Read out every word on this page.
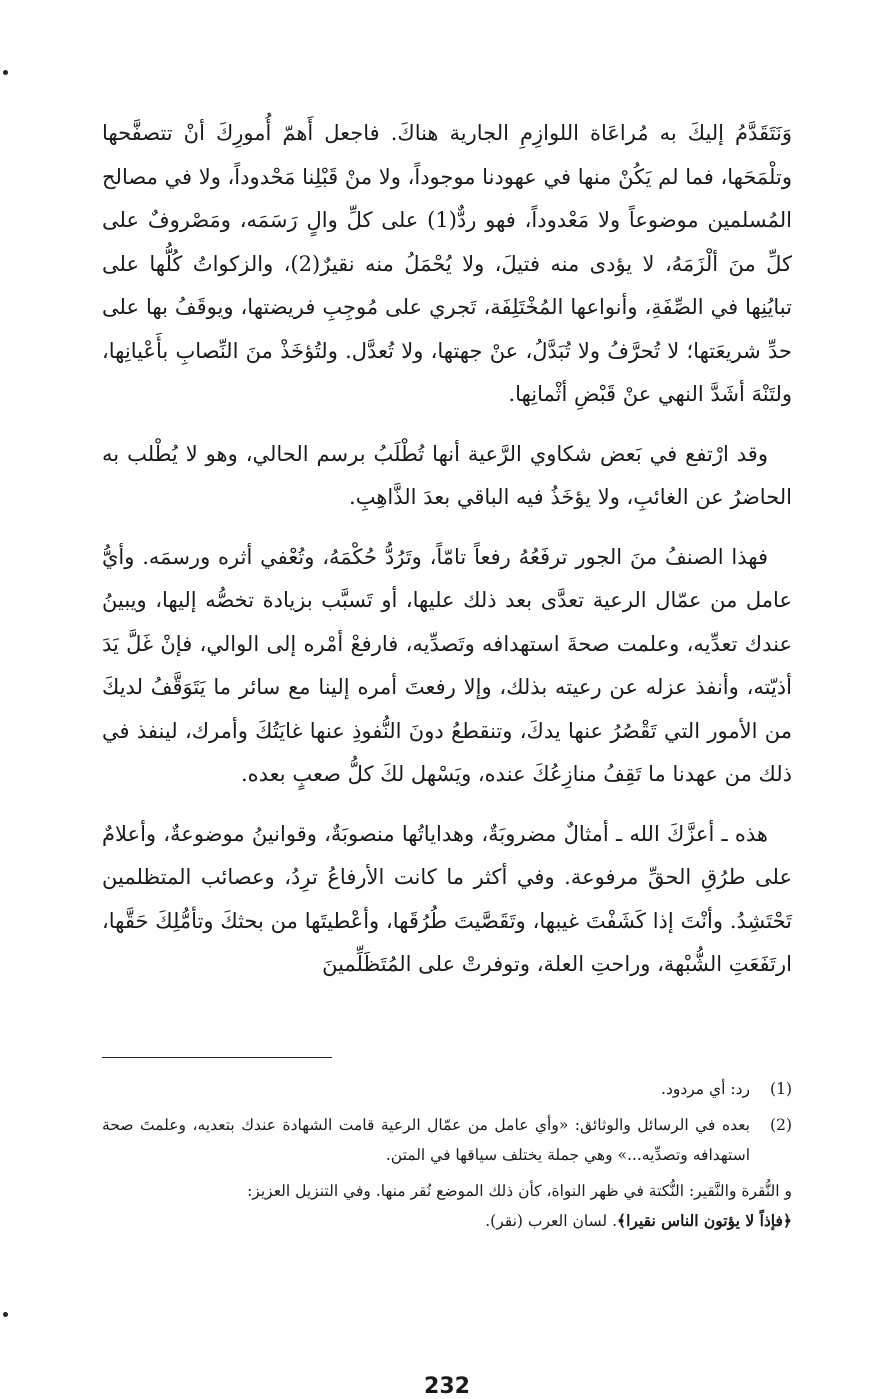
وَنَتَقَدَّمُ إليكَ به مُراعَاة اللوازِمِ الجارية هناكَ. فاجعل أَهمّ أُمورِكَ أنْ تتصفَّحها وتلْمَحَها، فما لم يَكُنْ منها في عهودنا موجوداً، ولا منْ قَبْلِنا مَحْدوداً، ولا في مصالح المُسلمين موضوعاً ولا مَعْدوداً، فهو ردٌّ(1) على كلِّ والٍ رَسَمَه، ومَصْروفٌ على كلِّ منَ ألْزَمَهُ، لا يؤدى منه فتيلَ، ولا يُحْمَلُ منه نقيرٌ(2)، والزكواتُ كُلُّها على تبايُنِها في الصِّفَةِ، وأنواعها المُخْتَلِفَة، تَجري على مُوجِبِ فريضتها، ويوقَفُ بها على حدِّ شريعَتها؛ لا تُحرَّفُ ولا تُبَدَّلُ، عنْ جهتها، ولا تُعدَّل. ولتُؤخَذْ منَ النِّصابِ بأَعْيانِها، ولتَنْهَ أشَدَّ النهي عنْ قَبْضِ أثْمانِها.

وقد ارْتفع في بَعض شكاوي الرَّعية أنها تُطْلَبُ برسم الحالي، وهو لا يُطْلب به الحاضرُ عن الغائبِ، ولا يؤخَذُ فيه الباقي بعدَ الذَّاهِبِ.

فهذا الصنفُ منَ الجور ترفَعُهُ رفعاً تامّاً، وتَرُدُّ حُكْمَهُ، وتُعْفي أثره ورسمَه. وأيُّ عامل من عمّال الرعية تعدَّى بعد ذلك عليها، أو تَسبَّب بزيادة تخصُّه إليها، ويبينُ عندك تعدِّيه، وعلمت صحةَ استهدافه وتَصدِّيه، فارفعْ أمْره إلى الوالي، فإنْ غَلَّ يَدَ أذيّته، وأنفذ عزله عن رعيته بذلك، وإلا رفعتَ أمره إلينا مع سائر ما يَتَوَقَّفُ لديكَ من الأمور التي تَقْصُرُ عنها يدكَ، وتنقطعُ دونَ النُّفوذِ عنها غايَتُكَ وأمرك، لينفذ في ذلك من عهدنا ما تَقِفُ منازِعُكَ عنده، ويَسْهل لكَ كلُّ صعبٍ بعده.

هذه ـ أعزَّكَ الله ـ أمثالٌ مضروبَةٌ، وهداياتُها منصوبَةٌ، وقوانينُ موضوعةٌ، وأعلامٌ على طرُقِ الحقِّ مرفوعة. وفي أكثر ما كانت الأرفاعُ ترِدُ، وعصائب المتظلمين تَحْتَشِدُ. وأنْتَ إذا كَشَفْتَ غيبها، وتَقَصَّيتَ طُرُقَها، وأعْطيتَها من بحثكَ وتأمُّلِكَ حَقَّها، ارتَفَعَتِ الشُّبْهة، وراحتِ العلة، وتوفرتْ على المُتَظَلِّمينَ

(1)
رد: أي مردود.
(2)
بعده في الرسائل والوثائق: «وأي عامل من عمّال الرعية قامت الشهادة عندك بتعديه، وعلمتَ صحة استهدافه وتصدِّيه...» وهي جملة يختلف سياقها في المتن.
و النُّقرة والنَّقير: النُّكتة في ظهر النواة، كأن ذلك الموضع نُقر منها. وفي التنزيل العزيز:
﴿فإذاً لا يؤتون الناس نقيرا﴾. لسان العرب (نقر).
232
